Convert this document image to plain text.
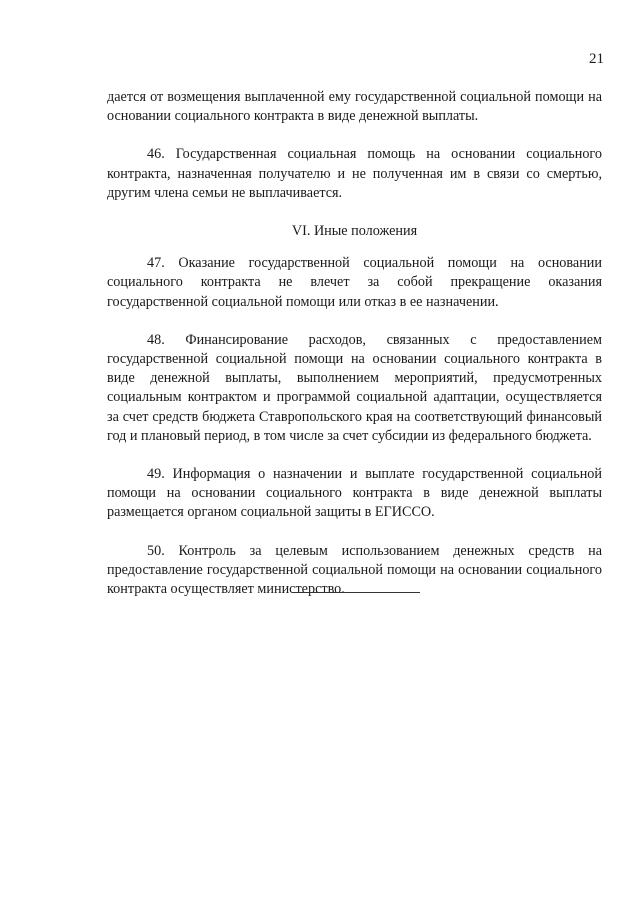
21

дается от возмещения выплаченной ему государственной социальной помощи на основании социального контракта в виде денежной выплаты.

46. Государственная социальная помощь на основании социального контракта, назначенная получателю и не полученная им в связи со смертью, другим члена семьи не выплачивается.

VI. Иные положения

47. Оказание государственной социальной помощи на основании социального контракта не влечет за собой прекращение оказания государственной социальной помощи или отказ в ее назначении.

48. Финансирование расходов, связанных с предоставлением государственной социальной помощи на основании социального контракта в виде денежной выплаты, выполнением мероприятий, предусмотренных социальным контрактом и программой социальной адаптации, осуществляется за счет средств бюджета Ставропольского края на соответствующий финансовый год и плановый период, в том числе за счет субсидии из федерального бюджета.

49. Информация о назначении и выплате государственной социальной помощи на основании социального контракта в виде денежной выплаты размещается органом социальной защиты в ЕГИССО.

50. Контроль за целевым использованием денежных средств на предоставление государственной социальной помощи на основании социального контракта осуществляет министерство.
